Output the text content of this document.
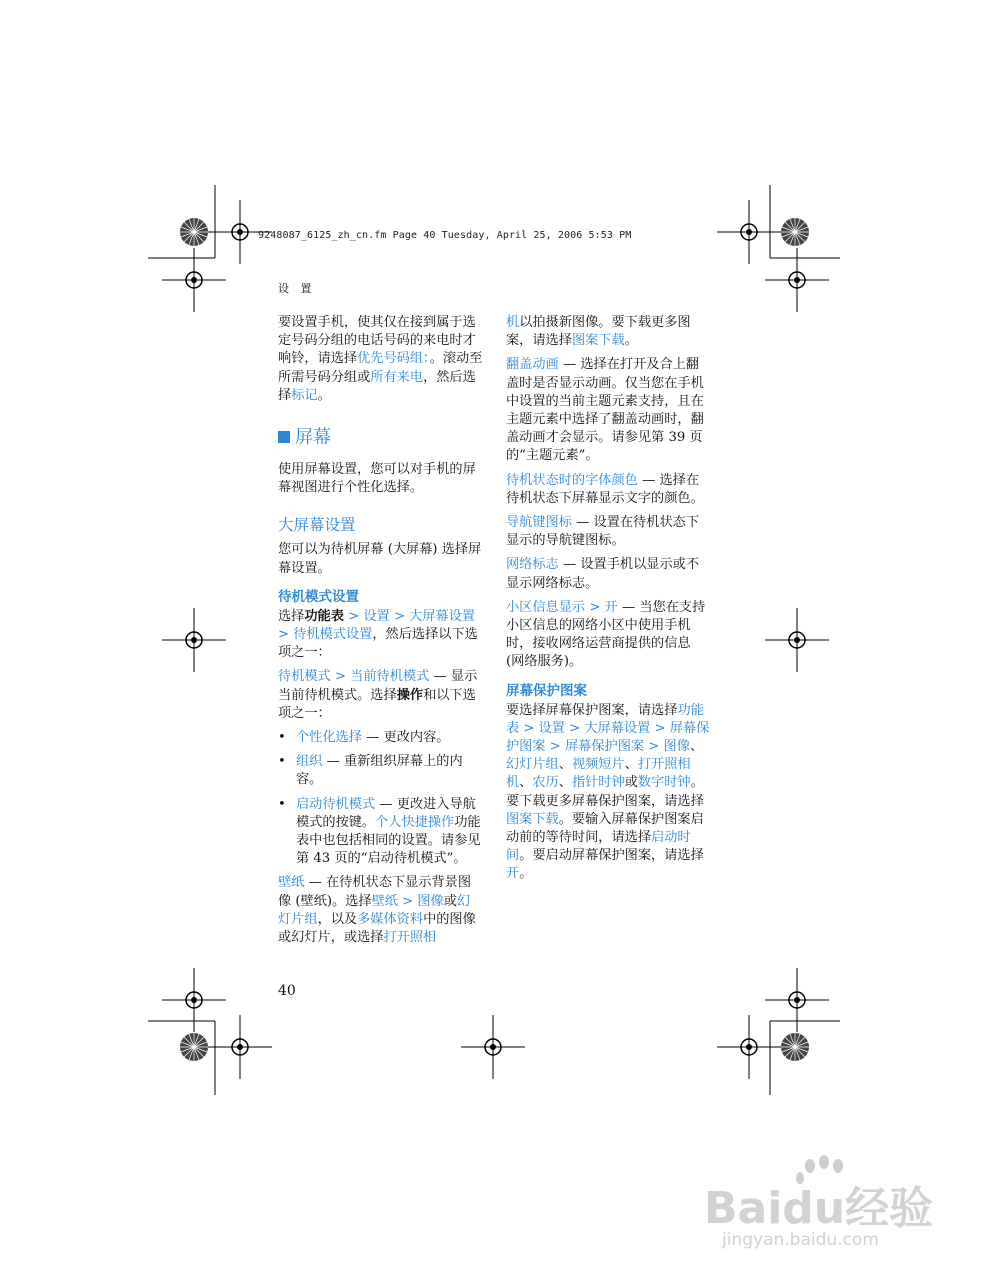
9248087_6125_zh_cn.fm Page 40 Tuesday, April 25, 2006 5:53 PM
设 置

要设置手机，使其仅在接到属于选定号码分组的电话号码的来电时才响铃，请选择优先号码组：。滚动至所需号码分组或所有来电，然后选择标记。

屏幕

使用屏幕设置，您可以对手机的屏幕视图进行个性化选择。

大屏幕设置

您可以为待机屏幕 (大屏幕) 选择屏幕设置。

待机模式设置

选择功能表 > 设置 > 大屏幕设置 > 待机模式设置，然后选择以下选项之一：

待机模式 > 当前待机模式 — 显示当前待机模式。选择操作和以下选项之一：

• 个性化选择 — 更改内容。
• 组织 — 重新组织屏幕上的内容。
• 启动待机模式 — 更改进入导航模式的按键。个人快捷操作功能表中也包括相同的设置。请参见第 43 页的“启动待机模式”。

壁纸 — 在待机状态下显示背景图像 (壁纸)。选择壁纸 > 图像或幻灯片组，以及多媒体资料中的图像或幻灯片，或选择打开照相

机以拍摄新图像。要下载更多图案，请选择图案下载。

翻盖动画 — 选择在打开及合上翻盖时是否显示动画。仅当您在手机中设置的当前主题元素支持，且在主题元素中选择了翻盖动画时，翻盖动画才会显示。请参见第 39 页的“主题元素”。

待机状态时的字体颜色 — 选择在待机状态下屏幕显示文字的颜色。

导航键图标 — 设置在待机状态下显示的导航键图标。

网络标志 — 设置手机以显示或不显示网络标志。

小区信息显示 > 开 — 当您在支持小区信息的网络小区中使用手机时，接收网络运营商提供的信息 (网络服务)。

屏幕保护图案

要选择屏幕保护图案，请选择功能表 > 设置 > 大屏幕设置 > 屏幕保护图案 > 屏幕保护图案 > 图像、幻灯片组、视频短片、打开照相机、农历、指针时钟或数字时钟。要下载更多屏幕保护图案，请选择图案下载。要输入屏幕保护图案启动前的等待时间，请选择启动时间。要启动屏幕保护图案，请选择开。

40
Baidu经验
jingyan.baidu.com
